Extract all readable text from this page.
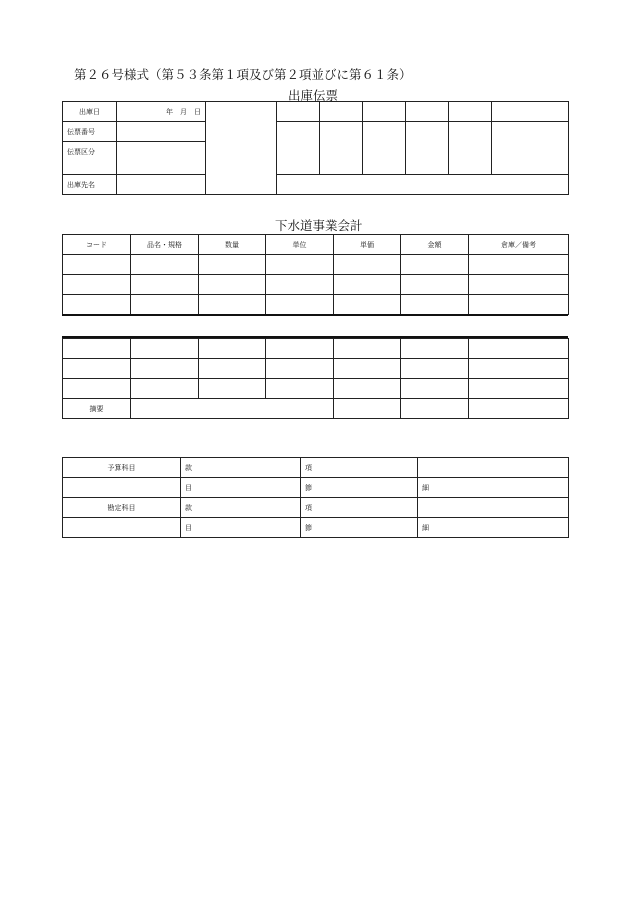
第２６号様式（第５３条第１項及び第２項並びに第６１条）
出庫伝票
出庫日	年　月　日							
伝票番号								
伝票区分								
出庫先名								
下水道事業会計
コード	品名・規格	数量	単位	単価	金額	倉庫／備考

摘要						
予算科目	款	項	
	目	節	細
勘定科目	款	項	
	目	節	細
